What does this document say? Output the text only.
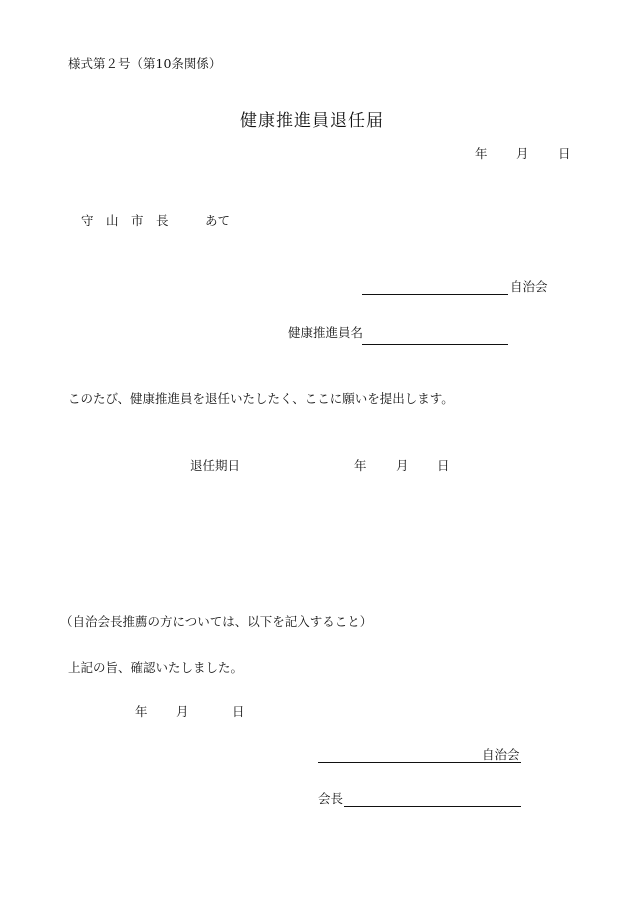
様式第２号（第10条関係）
健康推進員退任届
年 月 日
守　山　市　長	あて
自治会
健康推進員名
このたび、健康推進員を退任いたしたく、ここに願いを提出します。
退任期日	年 月 日
（自治会長推薦の方については、以下を記入すること）
上記の旨、確認いたしました。
年 月	日
自治会
会長
